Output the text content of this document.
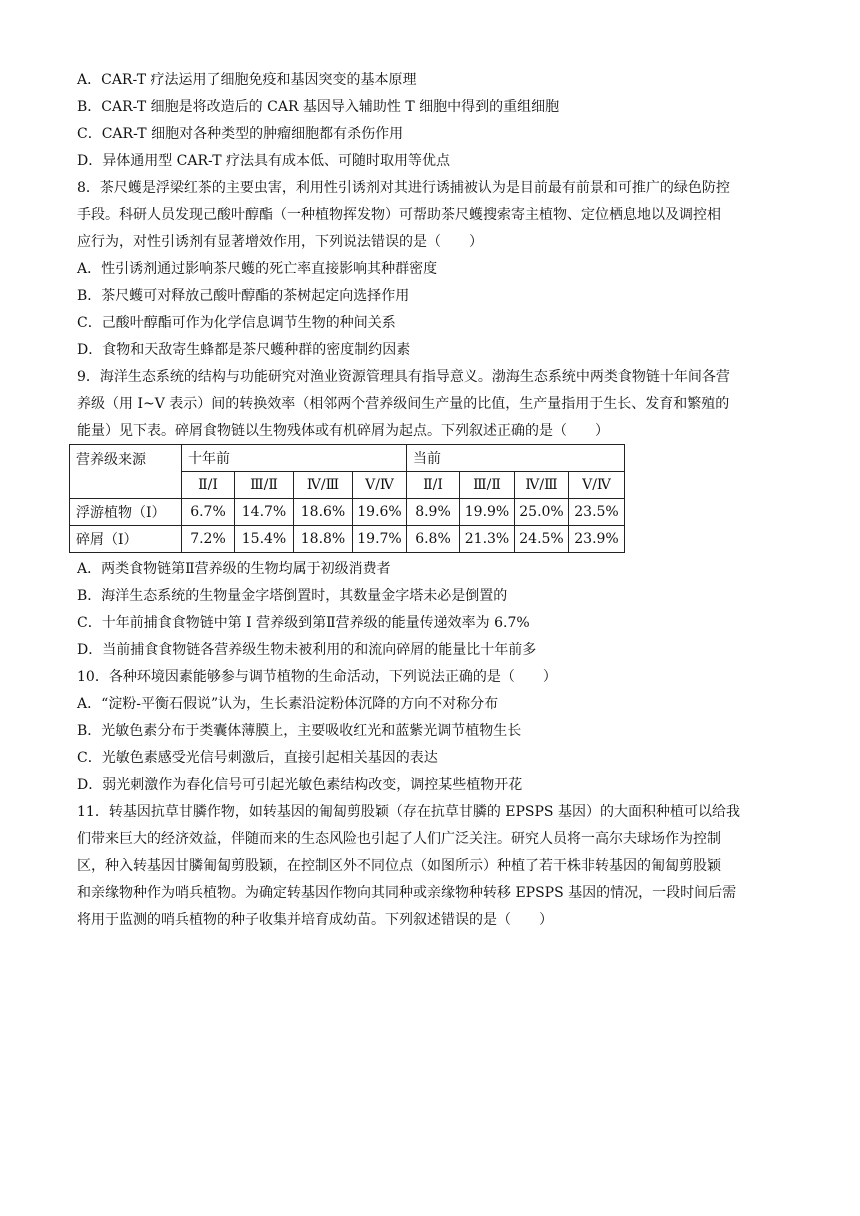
A．CAR-T 疗法运用了细胞免疫和基因突变的基本原理
B．CAR-T 细胞是将改造后的 CAR 基因导入辅助性 T 细胞中得到的重组细胞
C．CAR-T 细胞对各种类型的肿瘤细胞都有杀伤作用
D．异体通用型 CAR-T 疗法具有成本低、可随时取用等优点
8．茶尺蠖是浮梁红茶的主要虫害，利用性引诱剂对其进行诱捕被认为是目前最有前景和可推广的绿色防控
手段。科研人员发现己酸叶醇酯（一种植物挥发物）可帮助茶尺蠖搜索寄主植物、定位栖息地以及调控相
应行为，对性引诱剂有显著增效作用，下列说法错误的是（　　）
A．性引诱剂通过影响茶尺蠖的死亡率直接影响其种群密度
B．茶尺蠖可对释放己酸叶醇酯的茶树起定向选择作用
C．己酸叶醇酯可作为化学信息调节生物的种间关系
D．食物和天敌寄生蜂都是茶尺蠖种群的密度制约因素
9．海洋生态系统的结构与功能研究对渔业资源管理具有指导意义。渤海生态系统中两类食物链十年间各营
养级（用 I~V 表示）间的转换效率（相邻两个营养级间生产量的比值，生产量指用于生长、发育和繁殖的
能量）见下表。碎屑食物链以生物残体或有机碎屑为起点。下列叙述正确的是（　　）
营养级来源	十年前				当前			
	Ⅱ/Ⅰ	Ⅲ/Ⅱ	Ⅳ/Ⅲ	Ⅴ/Ⅳ	Ⅱ/Ⅰ	Ⅲ/Ⅱ	Ⅳ/Ⅲ	Ⅴ/Ⅳ
浮游植物（I）	6.7%	14.7%	18.6%	19.6%	8.9%	19.9%	25.0%	23.5%
碎屑（I）	7.2%	15.4%	18.8%	19.7%	6.8%	21.3%	24.5%	23.9%
A．两类食物链第Ⅱ营养级的生物均属于初级消费者
B．海洋生态系统的生物量金字塔倒置时，其数量金字塔未必是倒置的
C．十年前捕食食物链中第 I 营养级到第Ⅱ营养级的能量传递效率为 6.7%
D．当前捕食食物链各营养级生物未被利用的和流向碎屑的能量比十年前多
10．各种环境因素能够参与调节植物的生命活动，下列说法正确的是（　　）
A．“淀粉-平衡石假说”认为，生长素沿淀粉体沉降的方向不对称分布
B．光敏色素分布于类囊体薄膜上，主要吸收红光和蓝紫光调节植物生长
C．光敏色素感受光信号刺激后，直接引起相关基因的表达
D．弱光刺激作为春化信号可引起光敏色素结构改变，调控某些植物开花
11．转基因抗草甘膦作物，如转基因的匍匐剪股颖（存在抗草甘膦的 EPSPS 基因）的大面积种植可以给我
们带来巨大的经济效益，伴随而来的生态风险也引起了人们广泛关注。研究人员将一高尔夫球场作为控制
区，种入转基因甘膦匍匐剪股颖，在控制区外不同位点（如图所示）种植了若干株非转基因的匍匐剪股颖
和亲缘物种作为哨兵植物。为确定转基因作物向其同种或亲缘物种转移 EPSPS 基因的情况，一段时间后需
将用于监测的哨兵植物的种子收集并培育成幼苗。下列叙述错误的是（　　）
